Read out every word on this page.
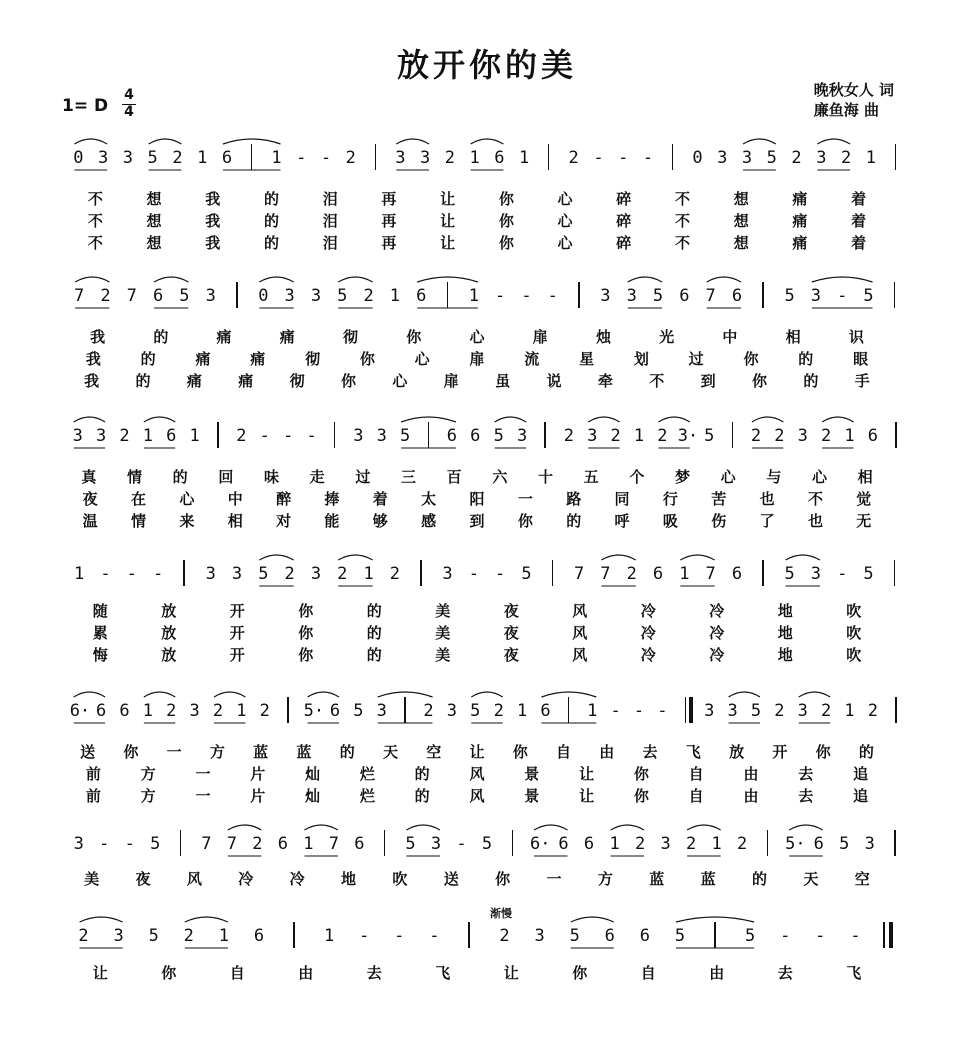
放开你的美
晚秋女人 词
廉鱼海 曲
1= D
4
4
渐慢
0 3 3 5 2 1 6 1 - - 2 3 3 2 1 6 1 2 - - - 0 3 3 5 2 3 2 1
不	想	我	的	泪	再	让	你	心	碎	不	想	痛	着
不	想	我	的	泪	再	让	你	心	碎	不	想	痛	着
不	想	我	的	泪	再	让	你	心	碎	不	想	痛	着
7 2 7 6 5 3 0 3 3 5 2 1 6 1 - - - 3 3 5 6 7 6 5 3 - 5
我	的	痛	痛	彻	你	心	扉	烛	光	中	相	识
我	的	痛	痛	彻	你	心	扉	流	星	划	过	你	的	眼
我 的 痛 痛 彻 你 心 扉 虽 说 牵 不 到 你 的 手
3 3 2 1 6 1 2 - - - 3 3 5 6 6 5 3 2 3 2 1 2 3· 5 2 2 3 2 1 6
真 情 的 回 味 走 过 三 百 六 十 五 个 梦 心 与 心 相
夜 在 心 中 醉 捧 着 太 阳 一 路 同 行 苦 也 不 觉
温 情 来 相 对 能 够 感 到 你 的 呼 吸 伤 了 也 无
1 - - - 3 3 5 2 3 2 1 2 3 - - 5 7 7 2 6 1 7 6 5 3 - 5
随	放	开	你	的	美	夜	风	冷	冷	地	吹
累	放	开	你	的	美	夜	风	冷	冷	地	吹
悔	放	开	你	的	美	夜	风	冷	冷	地	吹
6· 6 6 1 2 3 2 1 2 5· 6 5 3 2 3 5 2 1 6 1 - - - 3 3 5 2 3 2 1 2
送 你 一 方 蓝 蓝 的 天 空 让 你 自 由 去 飞 放 开 你 的
前	方	一	片	灿	烂	的	风	景	让	你	自	由	去	追
前	方	一	片	灿	烂	的	风	景	让	你	自	由	去	追
3 - - 5 7 7 2 6 1 7 6 5 3 - 5 6· 6 6 1 2 3 2 1 2 5· 6 5 3
美 夜 风 冷 冷 地 吹 送 你 一 方 蓝 蓝 的 天 空
2 3 5 2 1 6	1 - - -	2 3 5 6 6 5	5 - - -
让	你	自	由	去	飞	让	你	自	由	去	飞
